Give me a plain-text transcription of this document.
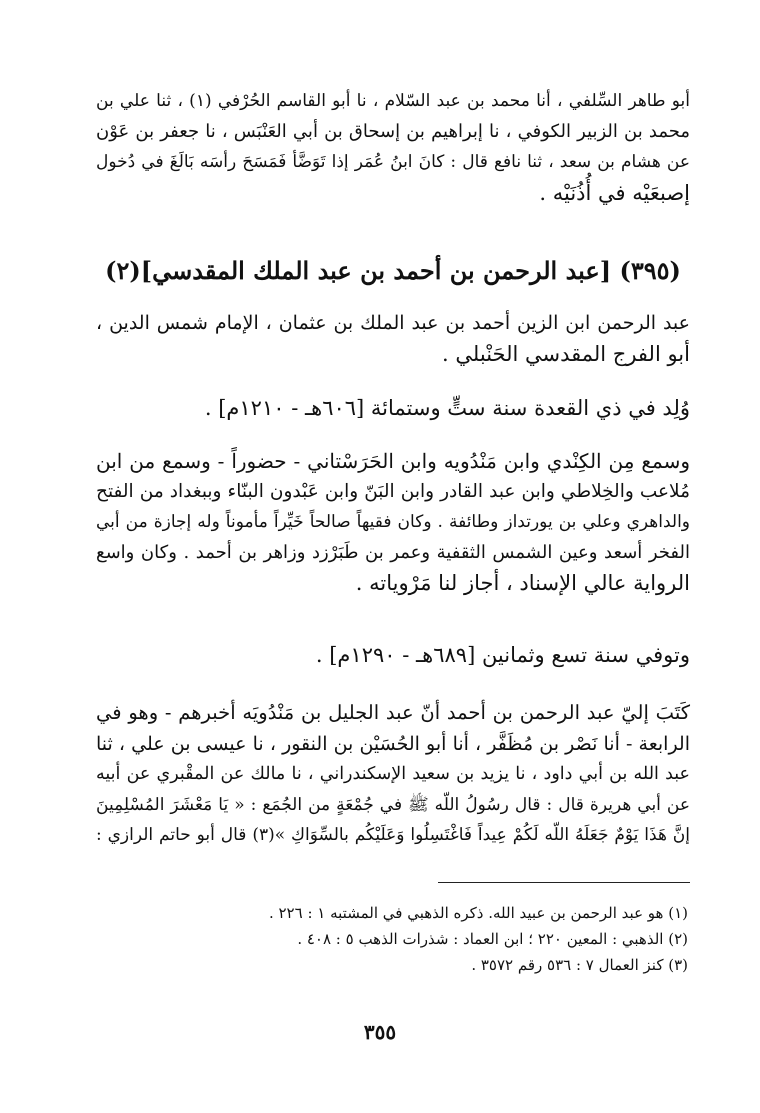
أبو طاهر السِّلفي ، أنا محمد بن عبد السّلام ، نا أبو القاسم الحُرْفي (١) ، ثنا علي بن
محمد بن الزبير الكوفي ، نا إبراهيم بن إسحاق بن أبي العَنْبَس ، نا جعفر بن عَوْن
عن هشام بن سعد ، ثنا نافع قال : كانَ ابنُ عُمَر إذا تَوَضَّأ فَمَسَحَ رأسَه بَالَغَ في دُخول
إصبعَيْه في أُذُنَيْه .
(٣٩٥) [عبد الرحمن بن أحمد بن عبد الملك المقدسي](٢)
عبد الرحمن ابن الزين أحمد بن عبد الملك بن عثمان ، الإمام شمس الدين ،
أبو الفرج المقدسي الحَنْبلي .
وُلِد في ذي القعدة سنة ستٍّ وستمائة [٦٠٦هـ - ١٢١٠م] .
وسمع مِن الكِنْدي وابن مَنْدُويه وابن الحَرَسْتاني - حضوراً - وسمع من ابن
مُلاعب والخِلاطي وابن عبد القادر وابن البَنّ وابن عَبْدون البنّاء وببغداد من الفتح
والداهري وعلي بن يورتداز وطائفة . وكان فقيهاً صالحاً خَيِّراً مأموناً وله إجازة من أبي
الفخر أسعد وعين الشمس الثقفية وعمر بن طَبَرْزد وزاهر بن أحمد . وكان واسع
الرواية عالي الإسناد ، أجاز لنا مَرْوياته .
وتوفي سنة تسع وثمانين [٦٨٩هـ - ١٢٩٠م] .
كَتَبَ إليّ عبد الرحمن بن أحمد أنّ عبد الجليل بن مَنْدُويَه أخبرهم - وهو في
الرابعة - أنا نَصْر بن مُظَفَّر ، أنا أبو الحُسَيْن بن النقور ، نا عيسى بن علي ، ثنا
عبد الله بن أبي داود ، نا يزيد بن سعيد الإسكندراني ، نا مالك عن المقْبري عن أبيه
عن أبي هريرة قال : قال رسُولُ اللّه ﷺ في جُمْعَةٍ من الجُمَع : « يَا مَعْشَرَ المُسْلِمِينَ
إنَّ هَذَا يَوْمٌ جَعَلَهُ اللّه لَكُمْ عِيداً فَاغْتَسِلُوا وَعَلَيْكُم بالسِّوَاكِ »(٣) قال أبو حاتم الرازي :
(١) هو عبد الرحمن بن عبيد الله. ذكره الذهبي في المشتبه ١ : ٢٢٦ .
(٢) الذهبي : المعين ٢٢٠ ؛ ابن العماد : شذرات الذهب ٥ : ٤٠٨ .
(٣) كنز العمال ٧ : ٥٣٦ رقم ٣٥٧٢ .
٣٥٥
